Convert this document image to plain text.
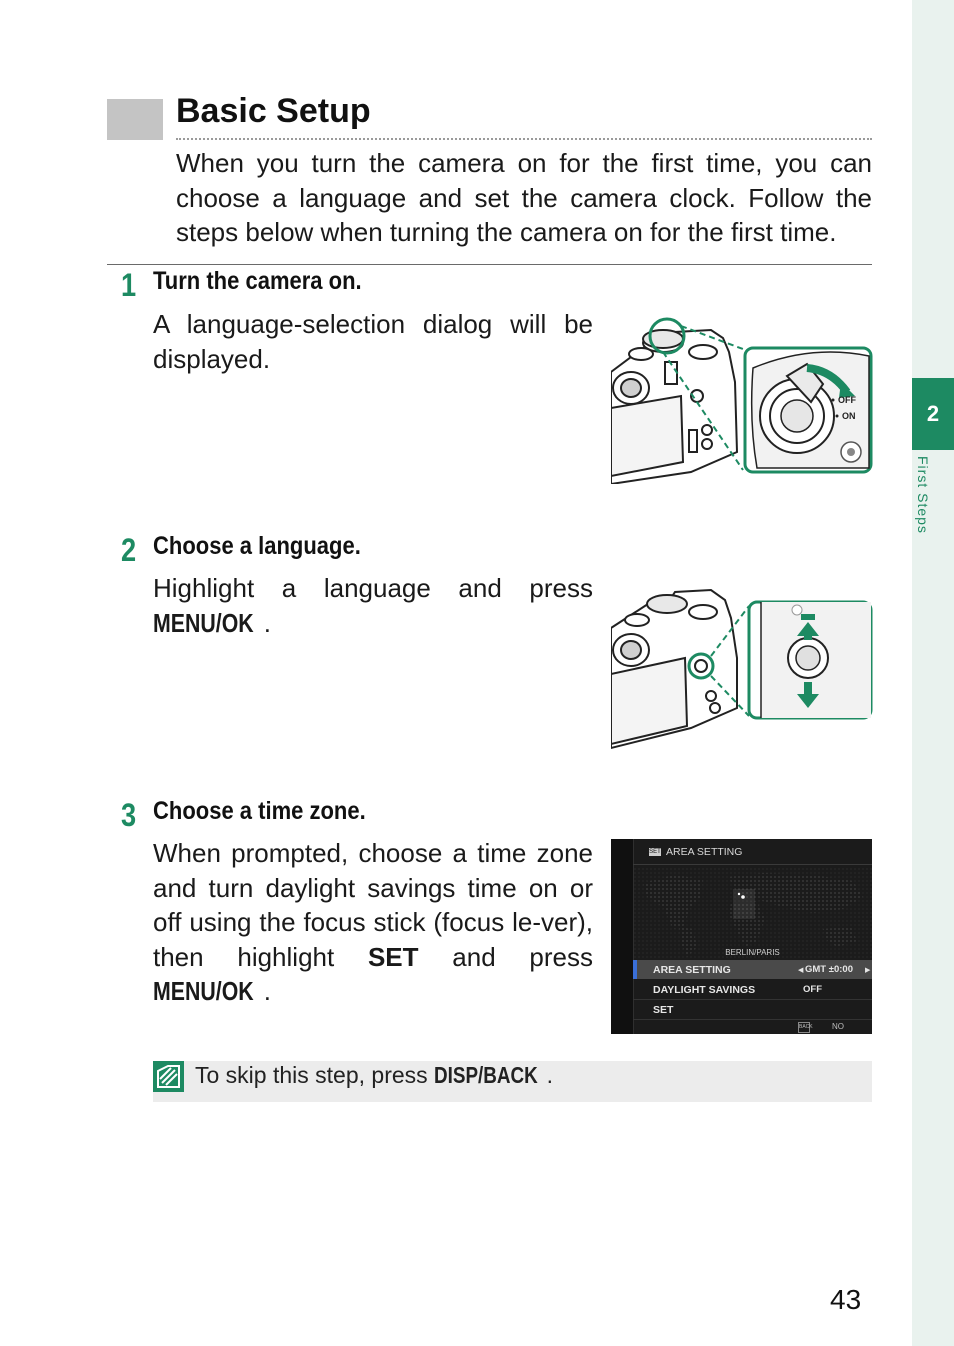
2
First Steps
Basic Setup
When you turn the camera on for the first time, you can choose a language and set the camera clock. Follow the steps below when turning the camera on for the first time.
1 Turn the camera on.
A language-selection dialog will be displayed.
OFF
ON
2 Choose a language.
Highlight a language and press MENU/OK .
3 Choose a time zone.
When prompted, choose a time zone and turn daylight savings time on or off using the focus stick (focus le-ver), then highlight SET and press MENU/OK .
SET AREA SETTING
BERLIN/PARIS
AREA SETTING	◀ GMT ±0:00 ▶
DAYLIGHT SAVINGS	OFF
SET
BACK NO
To skip this step, press DISP/BACK .
43
